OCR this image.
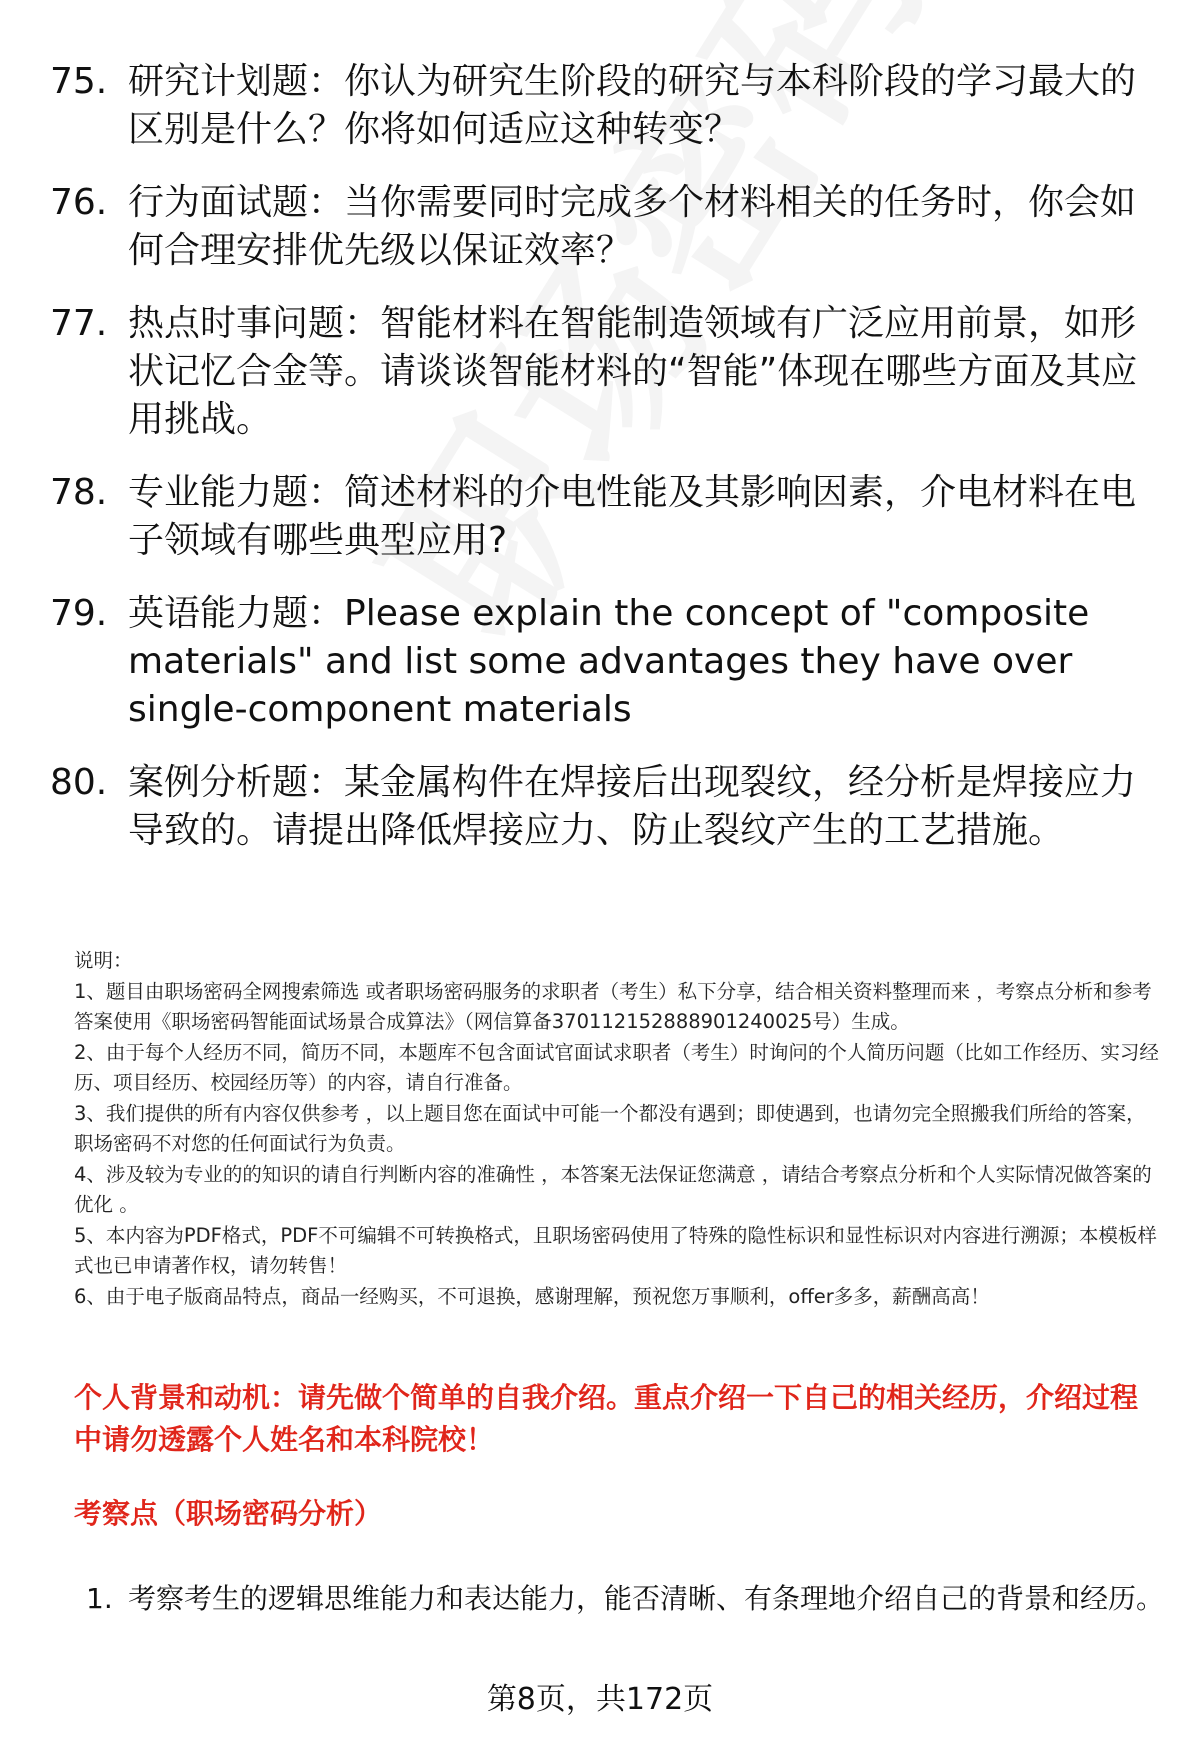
75. 研究计划题：你认为研究生阶段的研究与本科阶段的学习最大的区别是什么？你将如何适应这种转变？
76. 行为面试题：当你需要同时完成多个材料相关的任务时，你会如何合理安排优先级以保证效率？
77. 热点时事问题：智能材料在智能制造领域有广泛应用前景，如形状记忆合金等。请谈谈智能材料的“智能”体现在哪些方面及其应用挑战。
78. 专业能力题：简述材料的介电性能及其影响因素，介电材料在电子领域有哪些典型应用?
79. 英语能力题：Please explain the concept of "composite materials" and list some advantages they have over single-component materials
80. 案例分析题：某金属构件在焊接后出现裂纹，经分析是焊接应力导致的。请提出降低焊接应力、防止裂纹产生的工艺措施。
说明：
1、题目由职场密码全网搜索筛选 或者职场密码服务的求职者（考生）私下分享，结合相关资料整理而来 ，考察点分析和参考答案使用《职场密码智能面试场景合成算法》（网信算备370112152888901240025号）生成。
2、由于每个人经历不同，简历不同，本题库不包含面试官面试求职者（考生）时询问的个人简历问题（比如工作经历、实习经历、项目经历、校园经历等）的内容，请自行准备。
3、我们提供的所有内容仅供参考 ，以上题目您在面试中可能一个都没有遇到；即使遇到，也请勿完全照搬我们所给的答案，职场密码不对您的任何面试行为负责。
4、涉及较为专业的的知识的请自行判断内容的准确性 ，本答案无法保证您满意 ，请结合考察点分析和个人实际情况做答案的优化 。
5、本内容为PDF格式，PDF不可编辑不可转换格式，且职场密码使用了特殊的隐性标识和显性标识对内容进行溯源；本模板样式也已申请著作权，请勿转售！
6、由于电子版商品特点，商品一经购买，不可退换，感谢理解，预祝您万事顺利，offer多多，薪酬高高！
个人背景和动机：请先做个简单的自我介绍。重点介绍一下自己的相关经历，介绍过程中请勿透露个人姓名和本科院校！
考察点（职场密码分析）
1. 考察考生的逻辑思维能力和表达能力，能否清晰、有条理地介绍自己的背景和经历。
第8页，共172页
